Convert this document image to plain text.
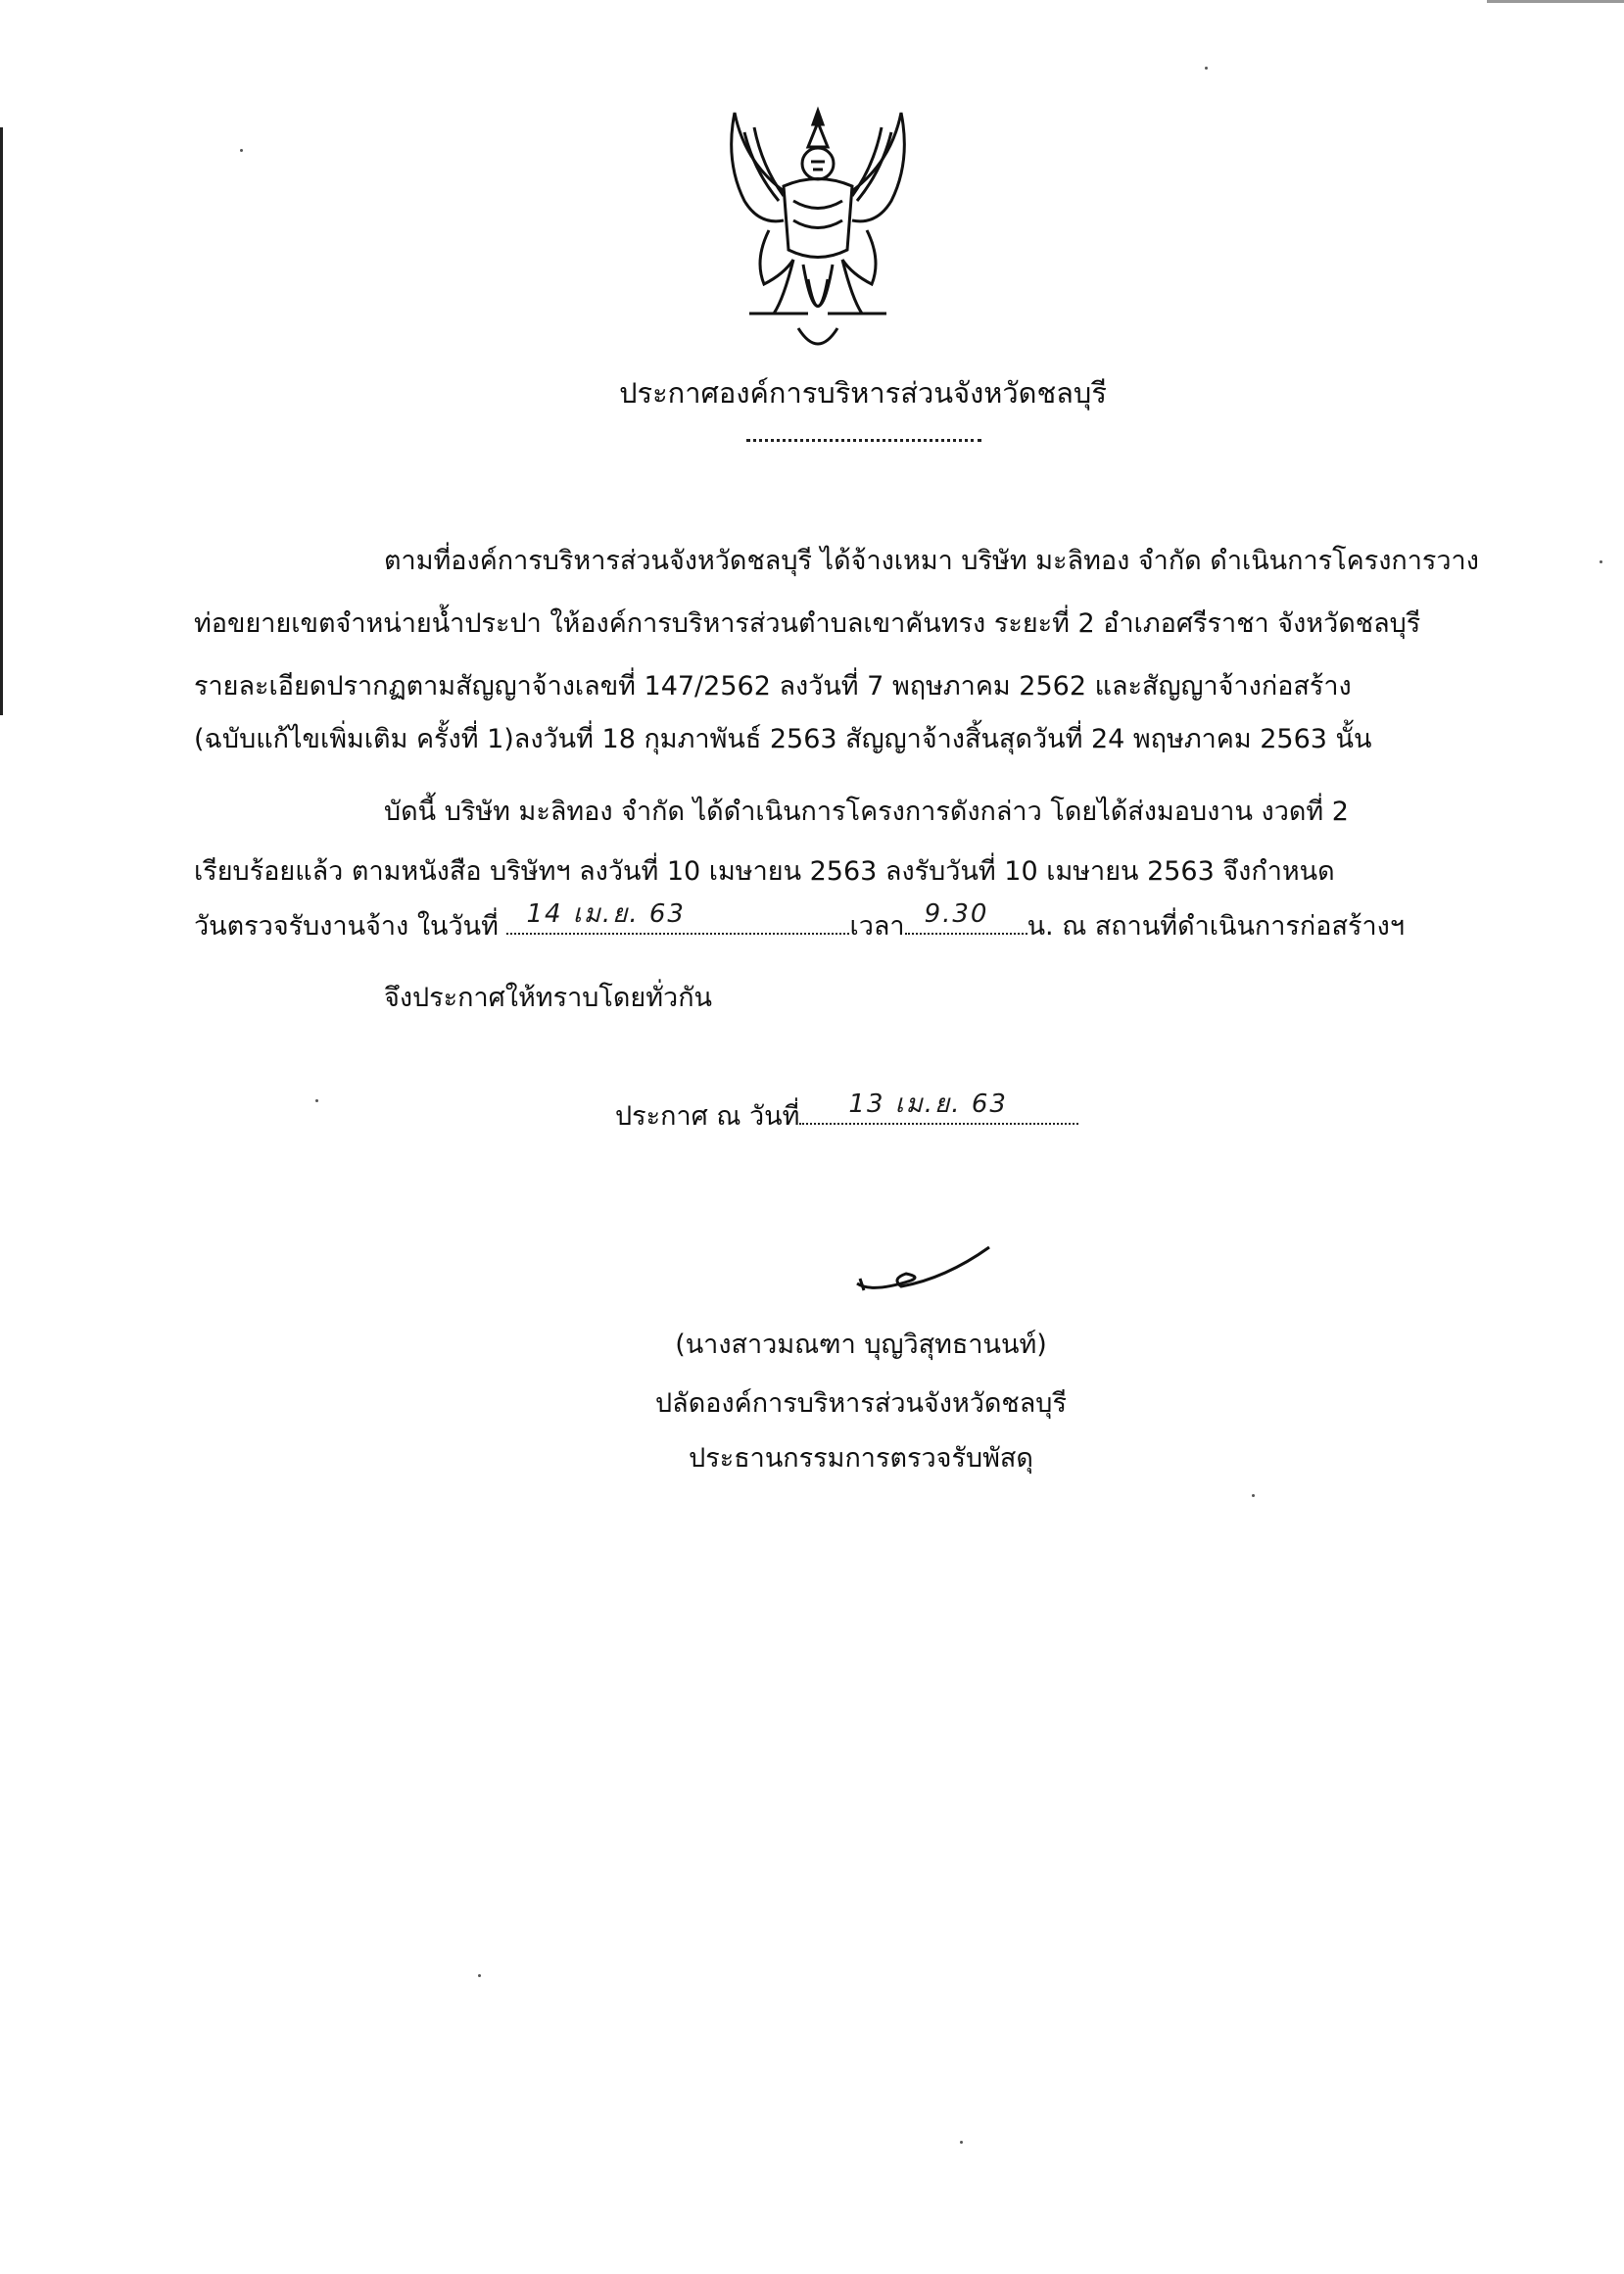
ประกาศองค์การบริหารส่วนจังหวัดชลบุรี
ตามที่องค์การบริหารส่วนจังหวัดชลบุรี ได้จ้างเหมา บริษัท มะลิทอง จำกัด ดำเนินการโครงการวาง
ท่อขยายเขตจำหน่ายน้ำประปา ให้องค์การบริหารส่วนตำบลเขาคันทรง ระยะที่ 2 อำเภอศรีราชา จังหวัดชลบุรี
รายละเอียดปรากฏตามสัญญาจ้างเลขที่ 147/2562 ลงวันที่ 7 พฤษภาคม 2562 และสัญญาจ้างก่อสร้าง
(ฉบับแก้ไขเพิ่มเติม ครั้งที่ 1)ลงวันที่ 18 กุมภาพันธ์ 2563 สัญญาจ้างสิ้นสุดวันที่ 24 พฤษภาคม 2563 นั้น
บัดนี้ บริษัท มะลิทอง จำกัด ได้ดำเนินการโครงการดังกล่าว โดยได้ส่งมอบงาน งวดที่ 2
เรียบร้อยแล้ว ตามหนังสือ บริษัทฯ ลงวันที่ 10 เมษายน 2563 ลงรับวันที่ 10 เมษายน 2563 จึงกำหนด
วันตรวจรับงานจ้าง ในวันที่ 14 เม.ย. 63	เวลา 9.30 น. ณ สถานที่ดำเนินการก่อสร้างฯ
จึงประกาศให้ทราบโดยทั่วกัน
ประกาศ ณ วันที่ 13 เม.ย. 63
(นางสาวมณฑา บุญวิสุทธานนท์)
ปลัดองค์การบริหารส่วนจังหวัดชลบุรี
ประธานกรรมการตรวจรับพัสดุ
